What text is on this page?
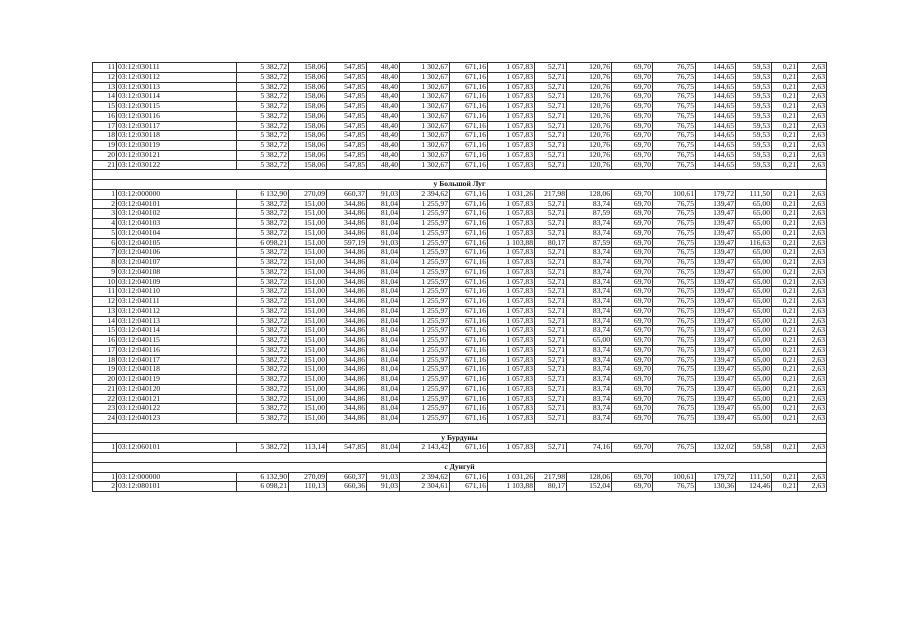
11	03:12:030111	5 382,72	158,06	547,85	48,40	1 302,67	671,16	1 057,83	52,71	120,76	69,70	76,75	144,65	59,53	0,21	2,63
12	03:12:030112	5 382,72	158,06	547,85	48,40	1 302,67	671,16	1 057,83	52,71	120,76	69,70	76,75	144,65	59,53	0,21	2,63
13	03:12:030113	5 382,72	158,06	547,85	48,40	1 302,67	671,16	1 057,83	52,71	120,76	69,70	76,75	144,65	59,53	0,21	2,63
14	03:12:030114	5 382,72	158,06	547,85	48,40	1 302,67	671,16	1 057,83	52,71	120,76	69,70	76,75	144,65	59,53	0,21	2,63
15	03:12:030115	5 382,72	158,06	547,85	48,40	1 302,67	671,16	1 057,83	52,71	120,76	69,70	76,75	144,65	59,53	0,21	2,63
16	03:12:030116	5 382,72	158,06	547,85	48,40	1 302,67	671,16	1 057,83	52,71	120,76	69,70	76,75	144,65	59,53	0,21	2,63
17	03:12:030117	5 382,72	158,06	547,85	48,40	1 302,67	671,16	1 057,83	52,71	120,76	69,70	76,75	144,65	59,53	0,21	2,63
18	03:12:030118	5 382,72	158,06	547,85	48,40	1 302,67	671,16	1 057,83	52,71	120,76	69,70	76,75	144,65	59,53	0,21	2,63
19	03:12:030119	5 382,72	158,06	547,85	48,40	1 302,67	671,16	1 057,83	52,71	120,76	69,70	76,75	144,65	59,53	0,21	2,63
20	03:12:030121	5 382,72	158,06	547,85	48,40	1 302,67	671,16	1 057,83	52,71	120,76	69,70	76,75	144,65	59,53	0,21	2,63
21	03:12:030122	5 382,72	158,06	547,85	48,40	1 302,67	671,16	1 057,83	52,71	120,76	69,70	76,75	144,65	59,53	0,21	2,63

у Большой Луг																
1	03:12:000000	6 132,90	270,09	660,37	91,03	2 394,62	671,16	1 031,26	217,98	128,06	69,70	100,61	179,72	111,50	0,21	2,63
2	03:12:040101	5 382,72	151,00	344,86	81,04	1 255,97	671,16	1 057,83	52,71	83,74	69,70	76,75	139,47	65,00	0,21	2,63
3	03:12:040102	5 382,72	151,00	344,86	81,04	1 255,97	671,16	1 057,83	52,71	87,59	69,70	76,75	139,47	65,00	0,21	2,63
4	03:12:040103	5 382,72	151,00	344,86	81,04	1 255,97	671,16	1 057,83	52,71	83,74	69,70	76,75	139,47	65,00	0,21	2,63
5	03:12:040104	5 382,72	151,00	344,86	81,04	1 255,97	671,16	1 057,83	52,71	83,74	69,70	76,75	139,47	65,00	0,21	2,63
6	03:12:040105	6 098,21	151,00	597,19	91,03	1 255,97	671,16	1 103,88	80,17	87,59	69,70	76,75	139,47	116,63	0,21	2,63
7	03:12:040106	5 382,72	151,00	344,86	81,04	1 255,97	671,16	1 057,83	52,71	83,74	69,70	76,75	139,47	65,00	0,21	2,63
8	03:12:040107	5 382,72	151,00	344,86	81,04	1 255,97	671,16	1 057,83	52,71	83,74	69,70	76,75	139,47	65,00	0,21	2,63
9	03:12:040108	5 382,72	151,00	344,86	81,04	1 255,97	671,16	1 057,83	52,71	83,74	69,70	76,75	139,47	65,00	0,21	2,63
10	03:12:040109	5 382,72	151,00	344,86	81,04	1 255,97	671,16	1 057,83	52,71	83,74	69,70	76,75	139,47	65,00	0,21	2,63
11	03:12:040110	5 382,72	151,00	344,86	81,04	1 255,97	671,16	1 057,83	52,71	83,74	69,70	76,75	139,47	65,00	0,21	2,63
12	03:12:040111	5 382,72	151,00	344,86	81,04	1 255,97	671,16	1 057,83	52,71	83,74	69,70	76,75	139,47	65,00	0,21	2,63
13	03:12:040112	5 382,72	151,00	344,86	81,04	1 255,97	671,16	1 057,83	52,71	83,74	69,70	76,75	139,47	65,00	0,21	2,63
14	03:12:040113	5 382,72	151,00	344,86	81,04	1 255,97	671,16	1 057,83	52,71	83,74	69,70	76,75	139,47	65,00	0,21	2,63
15	03:12:040114	5 382,72	151,00	344,86	81,04	1 255,97	671,16	1 057,83	52,71	83,74	69,70	76,75	139,47	65,00	0,21	2,63
16	03:12:040115	5 382,72	151,00	344,86	81,04	1 255,97	671,16	1 057,83	52,71	65,00	69,70	76,75	139,47	65,00	0,21	2,63
17	03:12:040116	5 382,72	151,00	344,86	81,04	1 255,97	671,16	1 057,83	52,71	83,74	69,70	76,75	139,47	65,00	0,21	2,63
18	03:12:040117	5 382,72	151,00	344,86	81,04	1 255,97	671,16	1 057,83	52,71	83,74	69,70	76,75	139,47	65,00	0,21	2,63
19	03:12:040118	5 382,72	151,00	344,86	81,04	1 255,97	671,16	1 057,83	52,71	83,74	69,70	76,75	139,47	65,00	0,21	2,63
20	03:12:040119	5 382,72	151,00	344,86	81,04	1 255,97	671,16	1 057,83	52,71	83,74	69,70	76,75	139,47	65,00	0,21	2,63
21	03:12:040120	5 382,72	151,00	344,86	81,04	1 255,97	671,16	1 057,83	52,71	83,74	69,70	76,75	139,47	65,00	0,21	2,63
22	03:12:040121	5 382,72	151,00	344,86	81,04	1 255,97	671,16	1 057,83	52,71	83,74	69,70	76,75	139,47	65,00	0,21	2,63
23	03:12:040122	5 382,72	151,00	344,86	81,04	1 255,97	671,16	1 057,83	52,71	83,74	69,70	76,75	139,47	65,00	0,21	2,63
24	03:12:040123	5 382,72	151,00	344,86	81,04	1 255,97	671,16	1 057,83	52,71	83,74	69,70	76,75	139,47	65,00	0,21	2,63

у Бурдуны																
1	03:12:060101	5 382,72	113,14	547,85	81,04	2 143,42	671,16	1 057,83	52,71	74,16	69,70	76,75	132,02	59,58	0,21	2,63

с Дунгуй																
1	03:12:000000	6 132,90	270,09	660,37	91,03	2 394,62	671,16	1 031,26	217,98	128,06	69,70	100,61	179,72	111,50	0,21	2,63
2	03:12:080101	6 098,21	110,13	660,36	91,03	2 304,61	671,16	1 103,88	80,17	152,04	69,70	76,75	130,36	124,46	0,21	2,63
